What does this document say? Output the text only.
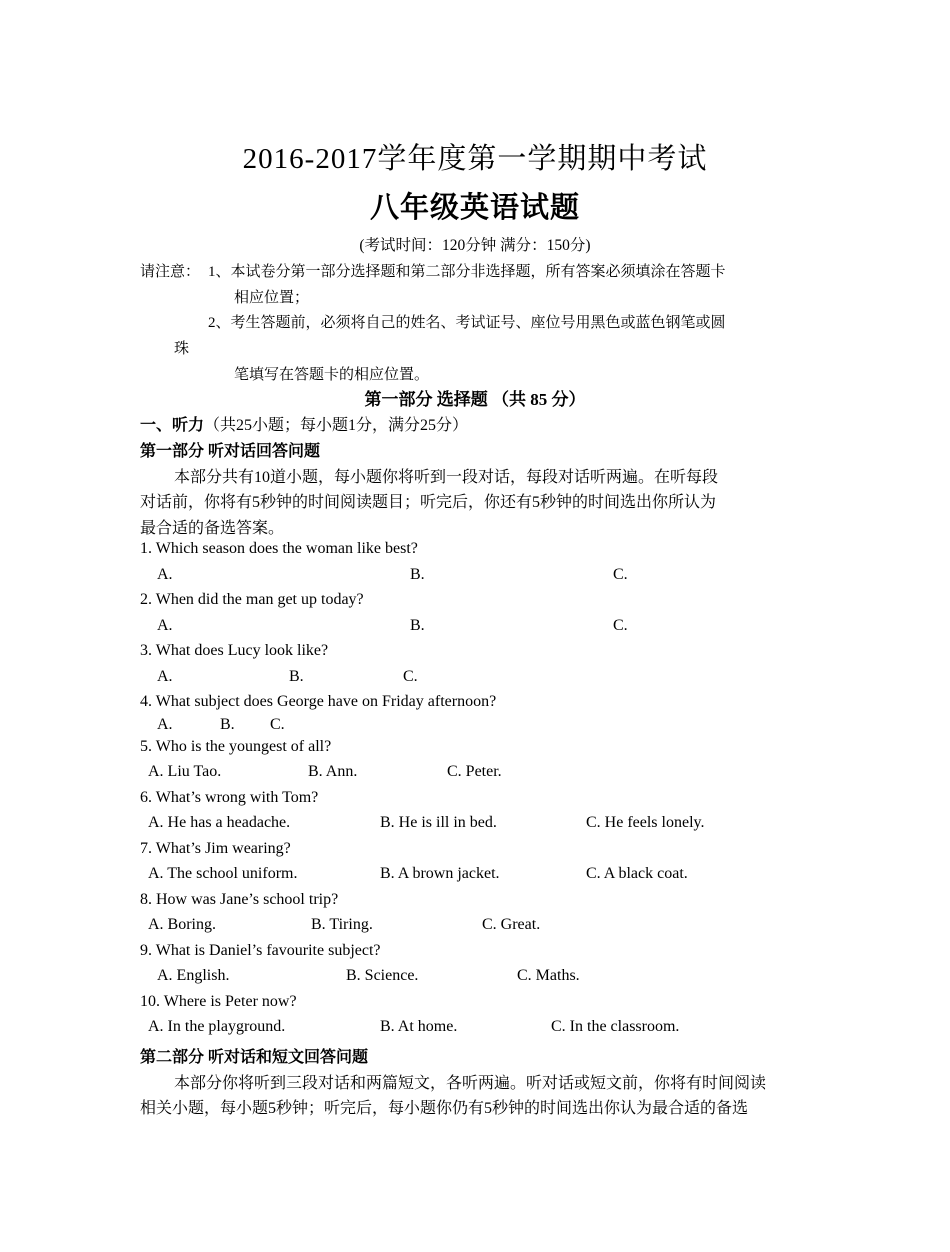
2016-2017学年度第一学期期中考试
八年级英语试题
(考试时间：120分钟 满分：150分)
请注意： 1、本试卷分第一部分选择题和第二部分非选择题，所有答案必须填涂在答题卡
相应位置；
2、考生答题前，必须将自己的姓名、考试证号、座位号用黑色或蓝色钢笔或圆
珠
笔填写在答题卡的相应位置。
第一部分 选择题 （共 85 分）
一、听力（共25小题；每小题1分，满分25分）
第一部分 听对话回答问题
本部分共有10道小题，每小题你将听到一段对话，每段对话听两遍。在听每段
对话前，你将有5秒钟的时间阅读题目；听完后，你还有5秒钟的时间选出你所认为
最合适的备选答案。
1. Which season does the woman like best?
A.	B.	C.
2. When did the man get up today?
A.	B.	C.
3. What does Lucy look like?
A.	B.	C.
4. What subject does George have on Friday afternoon?
A.	B. C.
5. Who is the youngest of all?
A. Liu Tao.	B. Ann.	C. Peter.
6. What’s wrong with Tom?
A. He has a headache.	B. He is ill in bed.	C. He feels lonely.
7. What’s Jim wearing?
A. The school uniform.	B. A brown jacket.	C. A black coat.
8. How was Jane’s school trip?
A. Boring.	B. Tiring.	C. Great.
9. What is Daniel’s favourite subject?
A. English.	B. Science.	C. Maths.
10. Where is Peter now?
A. In the playground.	B. At home.	C. In the classroom.
第二部分 听对话和短文回答问题
本部分你将听到三段对话和两篇短文，各听两遍。听对话或短文前，你将有时间阅读
相关小题，每小题5秒钟；听完后，每小题你仍有5秒钟的时间选出你认为最合适的备选
